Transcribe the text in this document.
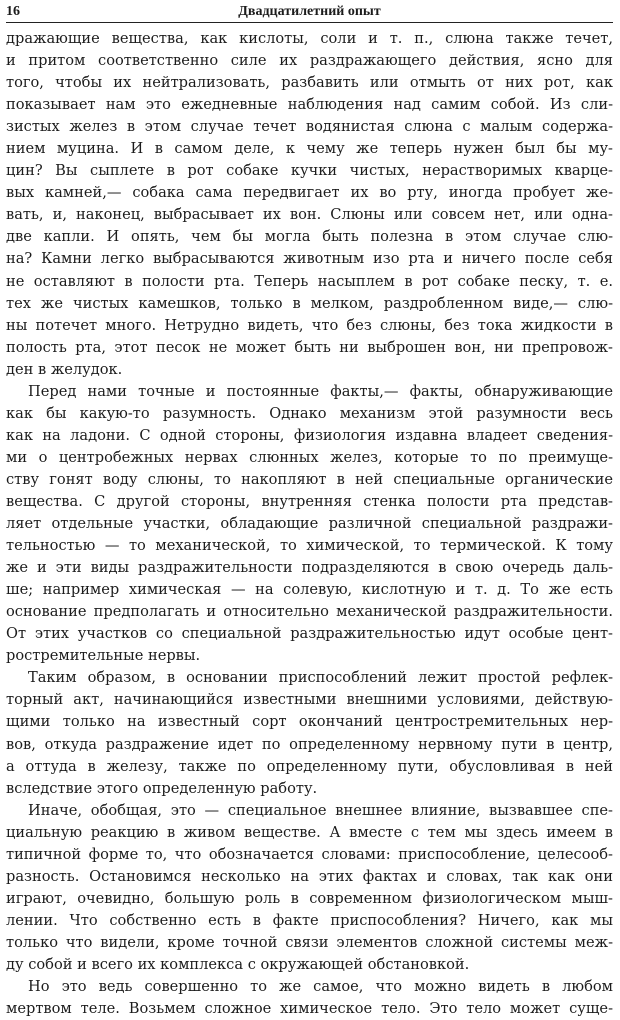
16	Двадцатилетний опыт
дражающие вещества, как кислоты, соли и т. п., слюна также течет,
и притом соответственно силе их раздражающего действия, ясно для
того, чтобы их нейтрализовать, разбавить или отмыть от них рот, как
показывает нам это ежедневные наблюдения над самим собой. Из сли-
зистых желез в этом случае течет водянистая слюна с малым содержа-
нием муцина. И в самом деле, к чему же теперь нужен был бы му-
цин? Вы сыплете в рот собаке кучки чистых, нерастворимых кварце-
вых камней,— собака сама передвигает их во рту, иногда пробует же-
вать, и, наконец, выбрасывает их вон. Слюны или совсем нет, или одна-
две капли. И опять, чем бы могла быть полезна в этом случае слю-
на? Камни легко выбрасываются животным изо рта и ничего после себя
не оставляют в полости рта. Теперь насыплем в рот собаке песку, т. е.
тех же чистых камешков, только в мелком, раздробленном виде,— слю-
ны потечет много. Нетрудно видеть, что без слюны, без тока жидкости в
полость рта, этот песок не может быть ни выброшен вон, ни препровож-
ден в желудок.
Перед нами точные и постоянные факты,— факты, обнаруживающие
как бы какую-то разумность. Однако механизм этой разумности весь
как на ладони. С одной стороны, физиология издавна владеет сведения-
ми о центробежных нервах слюнных желез, которые то по преимуще-
ству гонят воду слюны, то накопляют в ней специальные органические
вещества. С другой стороны, внутренняя стенка полости рта представ-
ляет отдельные участки, обладающие различной специальной раздражи-
тельностью — то механической, то химической, то термической. К тому
же и эти виды раздражительности подразделяются в свою очередь даль-
ше; например химическая — на солевую, кислотную и т. д. То же есть
основание предполагать и относительно механической раздражительности.
От этих участков со специальной раздражительностью идут особые цент-
ростремительные нервы.
Таким образом, в основании приспособлений лежит простой рефлек-
торный акт, начинающийся известными внешними условиями, действую-
щими только на известный сорт окончаний центростремительных нер-
вов, откуда раздражение идет по определенному нервному пути в центр,
а оттуда в железу, также по определенному пути, обусловливая в ней
вследствие этого определенную работу.
Иначе, обобщая, это — специальное внешнее влияние, вызвавшее спе-
циальную реакцию в живом веществе. А вместе с тем мы здесь имеем в
типичной форме то, что обозначается словами: приспособление, целесооб-
разность. Остановимся несколько на этих фактах и словах, так как они
играют, очевидно, большую роль в современном физиологическом мыш-
лении. Что собственно есть в факте приспособления? Ничего, как мы
только что видели, кроме точной связи элементов сложной системы меж-
ду собой и всего их комплекса с окружающей обстановкой.
Но это ведь совершенно то же самое, что можно видеть в любом
мертвом теле. Возьмем сложное химическое тело. Это тело может суще-
